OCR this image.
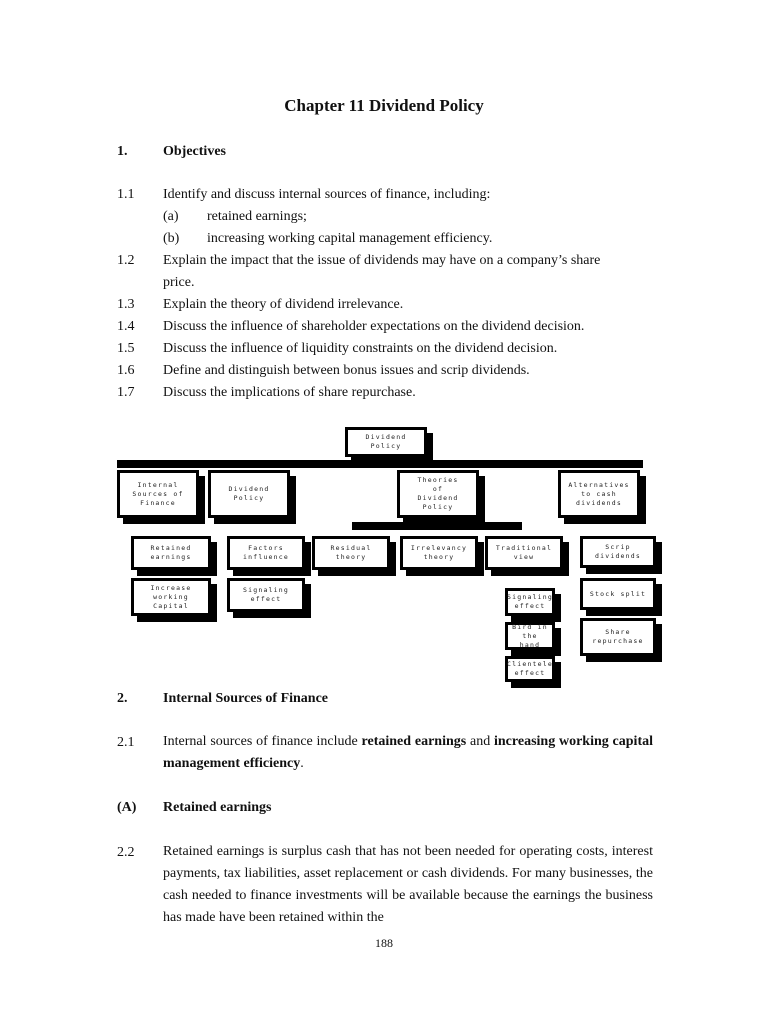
Chapter 11 Dividend Policy
1.	Objectives
1.1 Identify and discuss internal sources of finance, including:
(a) retained earnings;
(b) increasing working capital management efficiency.
1.2 Explain the impact that the issue of dividends may have on a company’s share
price.
1.3 Explain the theory of dividend irrelevance.
1.4 Discuss the influence of shareholder expectations on the dividend decision.
1.5 Discuss the influence of liquidity constraints on the dividend decision.
1.6 Define and distinguish between bonus issues and scrip dividends.
1.7 Discuss the implications of share repurchase.
Dividend
Policy
Internal
Sources of
Finance
Dividend
Policy
Theories
of
Dividend
Policy
Alternatives
to cash
dividends
Retained
earnings
Increase
working
Capital
Factors
influence
Signaling
effect
Residual
theory
Irrelevancy
theory
Traditional
view
Signaling
effect
Bird in the
hand
Clientele
effect
Scrip dividends
Stock split
Share repurchase
2.	Internal Sources of Finance
2.1 Internal sources of finance include retained earnings and increasing working capital management efficiency.
(A) Retained earnings
2.2 Retained earnings is surplus cash that has not been needed for operating costs, interest payments, tax liabilities, asset replacement or cash dividends. For many businesses, the cash needed to finance investments will be available because the earnings the business has made have been retained within the
188
